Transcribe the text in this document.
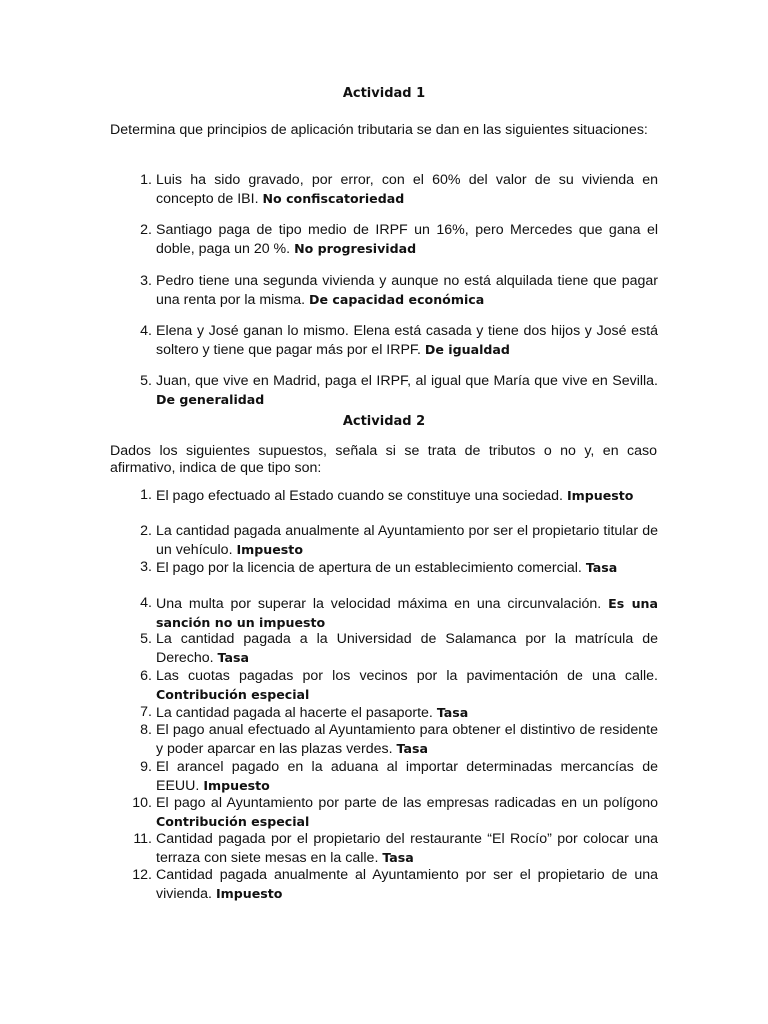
Actividad 1
Determina que principios de aplicación tributaria se dan en las siguientes situaciones:
1. Luis ha sido gravado, por error, con el 60% del valor de su vivienda en concepto de IBI. No confiscatoriedad
2. Santiago paga de tipo medio de IRPF un 16%, pero Mercedes que gana el doble, paga un 20 %. No progresividad
3. Pedro tiene una segunda vivienda y aunque no está alquilada tiene que pagar una renta por la misma. De capacidad económica
4. Elena y José ganan lo mismo. Elena está casada y tiene dos hijos y José está soltero y tiene que pagar más por el IRPF. De igualdad
5. Juan, que vive en Madrid, paga el IRPF, al igual que María que vive en Sevilla. De generalidad
Actividad 2
Dados los siguientes supuestos, señala si se trata de tributos o no y, en caso afirmativo, indica de que tipo son:
1. El pago efectuado al Estado cuando se constituye una sociedad. Impuesto
2. La cantidad pagada anualmente al Ayuntamiento por ser el propietario titular de un vehículo. Impuesto
3. El pago por la licencia de apertura de un establecimiento comercial. Tasa
4. Una multa por superar la velocidad máxima en una circunvalación. Es una sanción no un impuesto
5. La cantidad pagada a la Universidad de Salamanca por la matrícula de Derecho. Tasa
6. Las cuotas pagadas por los vecinos por la pavimentación de una calle. Contribución especial
7. La cantidad pagada al hacerte el pasaporte. Tasa
8. El pago anual efectuado al Ayuntamiento para obtener el distintivo de residente y poder aparcar en las plazas verdes. Tasa
9. El arancel pagado en la aduana al importar determinadas mercancías de EEUU. Impuesto
10. El pago al Ayuntamiento por parte de las empresas radicadas en un polígono Contribución especial
11. Cantidad pagada por el propietario del restaurante “El Rocío” por colocar una terraza con siete mesas en la calle. Tasa
12. Cantidad pagada anualmente al Ayuntamiento por ser el propietario de una vivienda. Impuesto
